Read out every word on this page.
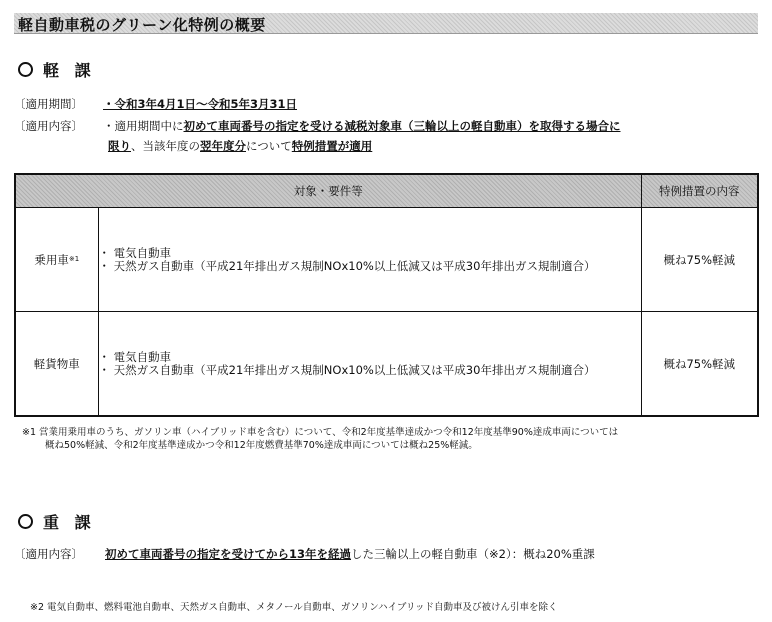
軽自動車税のグリーン化特例の概要
軽 課
〔適用期間〕 ・令和3年4月1日～令和5年3月31日
〔適用内容〕 ・適用期間中に初めて車両番号の指定を受ける減税対象車（三輪以上の軽自動車）を取得する場合に
限り、当該年度の翌年度分について特例措置が適用
対象・要件等		特例措置の内容
乗用車$^{※1}$	・ 電気自動車
・ 天然ガス自動車（平成21年排出ガス規制NOx10%以上低減又は平成30年排出ガス規制適合）	概ね75%軽減
軽貨物車	・ 電気自動車
・ 天然ガス自動車（平成21年排出ガス規制NOx10%以上低減又は平成30年排出ガス規制適合）	概ね75%軽減
※1 営業用乗用車のうち、ガソリン車（ハイブリッド車を含む）について、令和2年度基準達成かつ令和12年度基準90%達成車両については
概ね50%軽減、令和2年度基準達成かつ令和12年度燃費基準70%達成車両については概ね25%軽減。
重 課
〔適用内容〕 初めて車両番号の指定を受けてから13年を経過した三輪以上の軽自動車（※2）：概ね20%重課
※2 電気自動車、燃料電池自動車、天然ガス自動車、メタノール自動車、ガソリンハイブリッド自動車及び被けん引車を除く
